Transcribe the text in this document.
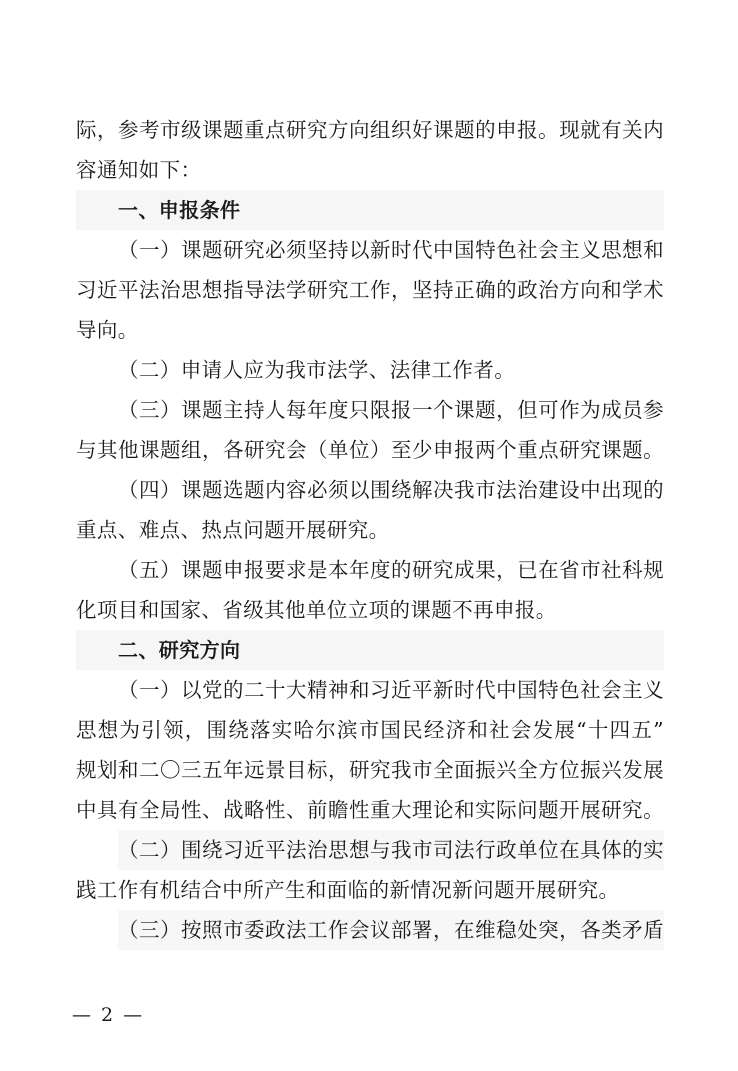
际，参考市级课题重点研究方向组织好课题的申报。现就有关内
容通知如下：
一、申报条件
（一）课题研究必须坚持以新时代中国特色社会主义思想和
习近平法治思想指导法学研究工作，坚持正确的政治方向和学术
导向。
（二）申请人应为我市法学、法律工作者。
（三）课题主持人每年度只限报一个课题，但可作为成员参
与其他课题组，各研究会（单位）至少申报两个重点研究课题。
（四）课题选题内容必须以围绕解决我市法治建设中出现的
重点、难点、热点问题开展研究。
（五）课题申报要求是本年度的研究成果，已在省市社科规
化项目和国家、省级其他单位立项的课题不再申报。
二、研究方向
（一）以党的二十大精神和习近平新时代中国特色社会主义
思想为引领，围绕落实哈尔滨市国民经济和社会发展“十四五”
规划和二〇三五年远景目标，研究我市全面振兴全方位振兴发展
中具有全局性、战略性、前瞻性重大理论和实际问题开展研究。
（二）围绕习近平法治思想与我市司法行政单位在具体的实
践工作有机结合中所产生和面临的新情况新问题开展研究。
（三）按照市委政法工作会议部署，在维稳处突，各类矛盾
— 2 —
